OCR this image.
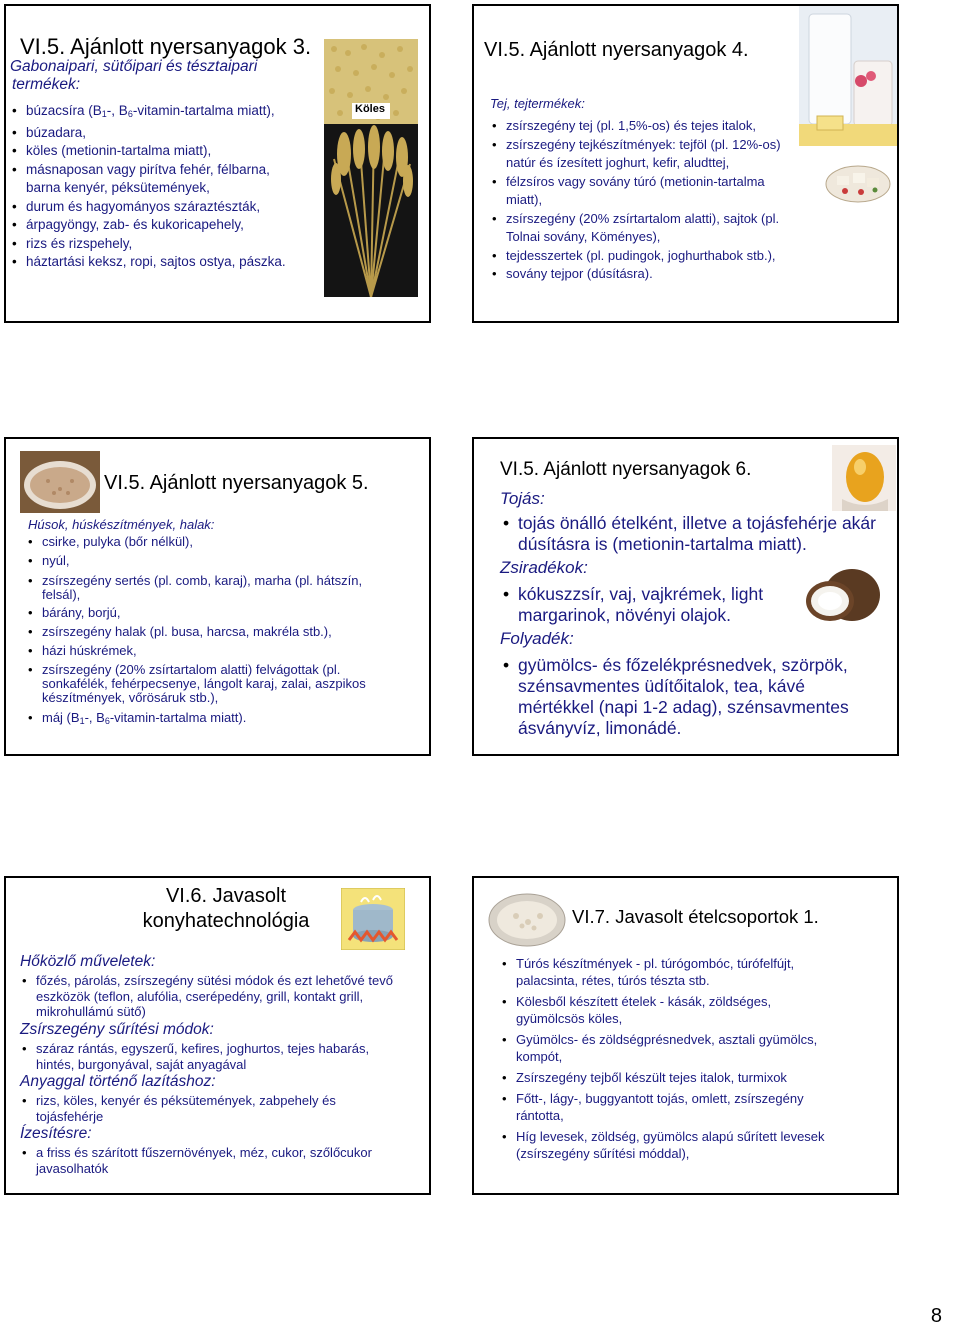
VI.5. Ajánlott nyersanyagok 3.
Gabonaipari, sütőipari és tésztaipari
termékek:
• búzacsíra ($B_1-$, $B_6-vitamin$-tartalma miatt),
• búzadara,
• köles (metionin-tartalma miatt),
• másnaposan vagy pirítva fehér, félbarna, barna kenyér, péksütemények,
• durum és hagyományos száraztészták,
• árpagyöngy, zab- és kukoricapehely,
• rizs és rizspehely,
• háztartási keksz, ropi, sajtos ostya, pászka.
Köles
VI.5. Ajánlott nyersanyagok 4.
Tej, tejtermékek:
• zsírszegény tej (pl. 1,5%-os) és tejes italok,
• zsírszegény tejkészítmények: tejföl (pl. 12%-os) natúr és ízesített joghurt, kefir, aludttej,
• félzsíros vagy sovány túró (metionin-tartalma miatt),
• zsírszegény (20% zsírtartalom alatti), sajtok (pl. Tolnai sovány, Köményes),
• tejdesszertek (pl. pudingok, joghurthabok stb.),
• sovány tejpor (dúsításra).
VI.5. Ajánlott nyersanyagok 5.
Húsok, húskészítmények, halak:
• csirke, pulyka (bőr nélkül),
• nyúl,
• zsírszegény sertés (pl. comb, karaj), marha (pl. hátszín, felsál),
• bárány, borjú,
• zsírszegény halak (pl. busa, harcsa, makréla stb.),
• házi húskrémek,
• zsírszegény (20% zsírtartalom alatti) felvágottak (pl. sonkafélék, fehérpecsenye, lángolt karaj, zalai, aszpikos készítmények, vőrösáruk stb.),
• máj ($B_1-$, $B_6-vitamin$-tartalma miatt).
VI.5. Ajánlott nyersanyagok 6.
Tojás:
• tojás önálló ételként, illetve a tojásfehérje akár dúsításra is (metionin-tartalma miatt).
Zsiradékok:
• kókuszzsír, vaj, vajkrémek, light margarinok, növényi olajok.
Folyadék:
• gyümölcs- és főzelékprésnedvek, szörpök, szénsavmentes üdítőitalok, tea, kávé mértékkel (napi 1-2 adag), szénsavmentes ásványvíz, limonádé.
VI.6. Javasolt
konyhatechnológia
Hőközlő műveletek:
• főzés, párolás, zsírszegény sütési módok és ezt lehetővé tevő eszközök (teflon, alufólia, cserépedény, grill, kontakt grill, mikrohullámú sütő)
Zsírszegény sűrítési módok:
• száraz rántás, egyszerű, kefires, joghurtos, tejes habarás, hintés, burgonyával, saját anyagával
Anyaggal történő lazításhoz:
• rizs, köles, kenyér és péksütemények, zabpehely és tojásfehérje
Ízesítésre:
• a friss és szárított fűszernövények, méz, cukor, szőlőcukor javasolhatók
VI.7. Javasolt ételcsoportok 1.
• Túrós készítmények - pl. túrógombóc, túrófelfújt, palacsinta, rétes, túrós tészta stb.
• Kölesből készített ételek - kásák, zöldséges, gyümölcsös köles,
• Gyümölcs- és zöldségprésnedvek, asztali gyümölcs, kompót,
• Zsírszegény tejből készült tejes italok, turmixok
• Főtt-, lágy-, buggyantott tojás, omlett, zsírszegény rántotta,
• Híg levesek, zöldség, gyümölcs alapú sűrített levesek (zsírszegény sűrítési móddal),
8
